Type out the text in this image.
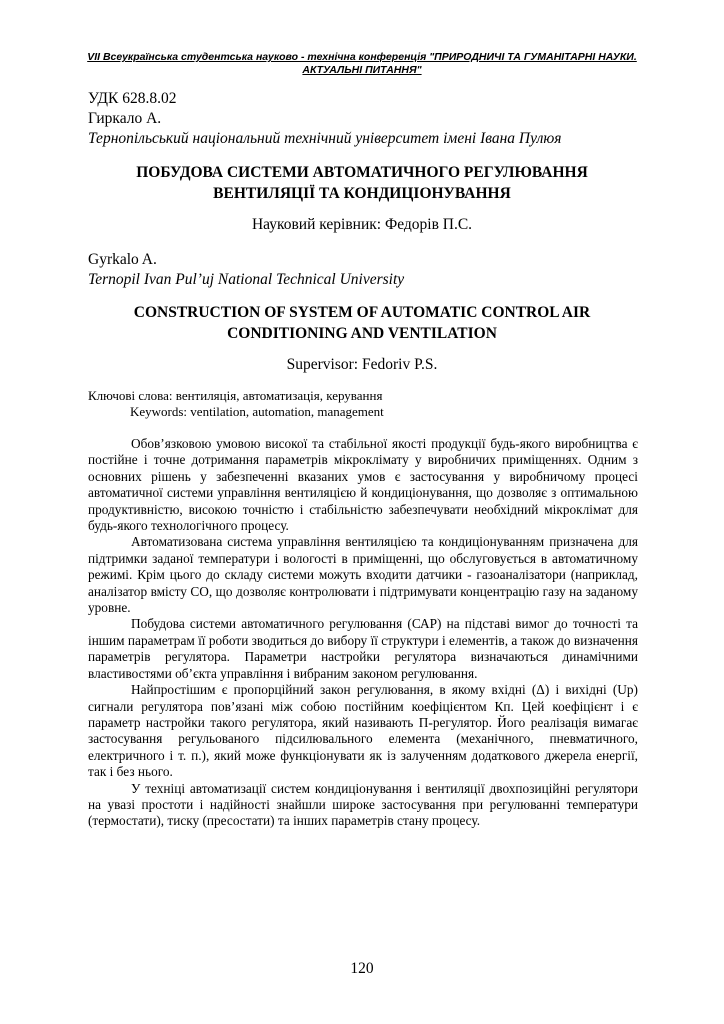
VII Всеукраїнська студентська науково - технічна конференція "ПРИРОДНИЧІ ТА ГУМАНІТАРНІ НАУКИ.
АКТУАЛЬНІ ПИТАННЯ"
УДК 628.8.02
Гиркало А.
Тернопільський національний технічний університет імені Івана Пулюя
ПОБУДОВА СИСТЕМИ АВТОМАТИЧНОГО РЕГУЛЮВАННЯ
ВЕНТИЛЯЦІЇ ТА КОНДИЦІОНУВАННЯ
Науковий керівник: Федорів П.С.
Gyrkalo A.
Ternopil Ivan Pul’uj National Technical University
CONSTRUCTION OF SYSTEM OF AUTOMATIC CONTROL AIR
CONDITIONING AND VENTILATION
Supervisor: Fedoriv P.S.
Ключові слова: вентиляція, автоматизація, керування
Keywords: ventilation, automation, management

Обов’язковою умовою високої та стабільної якості продукції будь-якого виробництва є постійне і точне дотримання параметрів мікроклімату у виробничих приміщеннях. Одним з основних рішень у забезпеченні вказаних умов є застосування у виробничому процесі автоматичної системи управління вентиляцією й кондиціонування, що дозволяє з оптимальною продуктивністю, високою точністю і стабільністю забезпечувати необхідний мікроклімат для будь-якого технологічного процесу.

Автоматизована система управління вентиляцією та кондиціонуванням призначена для підтримки заданої температури і вологості в приміщенні, що обслуговується в автоматичному режимі. Крім цього до складу системи можуть входити датчики - газоаналізатори (наприклад, аналізатор вмісту CO, що дозволяє контролювати і підтримувати концентрацію газу на заданому уровне.

Побудова системи автоматичного регулювання (САР) на підставі вимог до точності та іншим параметрам її роботи зводиться до вибору її структури і елементів, а також до визначення параметрів регулятора. Параметри настройки регулятора визначаються динамічними властивостями об’єкта управління і вибраним законом регулювання.

Найпростішим є пропорційний закон регулювання, в якому вхідні (Δ) і вихідні (Up) сигнали регулятора пов’язані між собою постійним коефіцієнтом Кп. Цей коефіцієнт і є параметр настройки такого регулятора, який називають П-регулятор. Його реалізація вимагає застосування регульованого підсилювального елемента (механічного, пневматичного, електричного і т. п.), який може функціонувати як із залученням додаткового джерела енергії, так і без нього.

У техніці автоматизації систем кондиціонування і вентиляції двохпозиційні регулятори на увазі простоти і надійності знайшли широке застосування при регулюванні температури (термостати), тиску (пресостати) та інших параметрів стану процесу.

120
